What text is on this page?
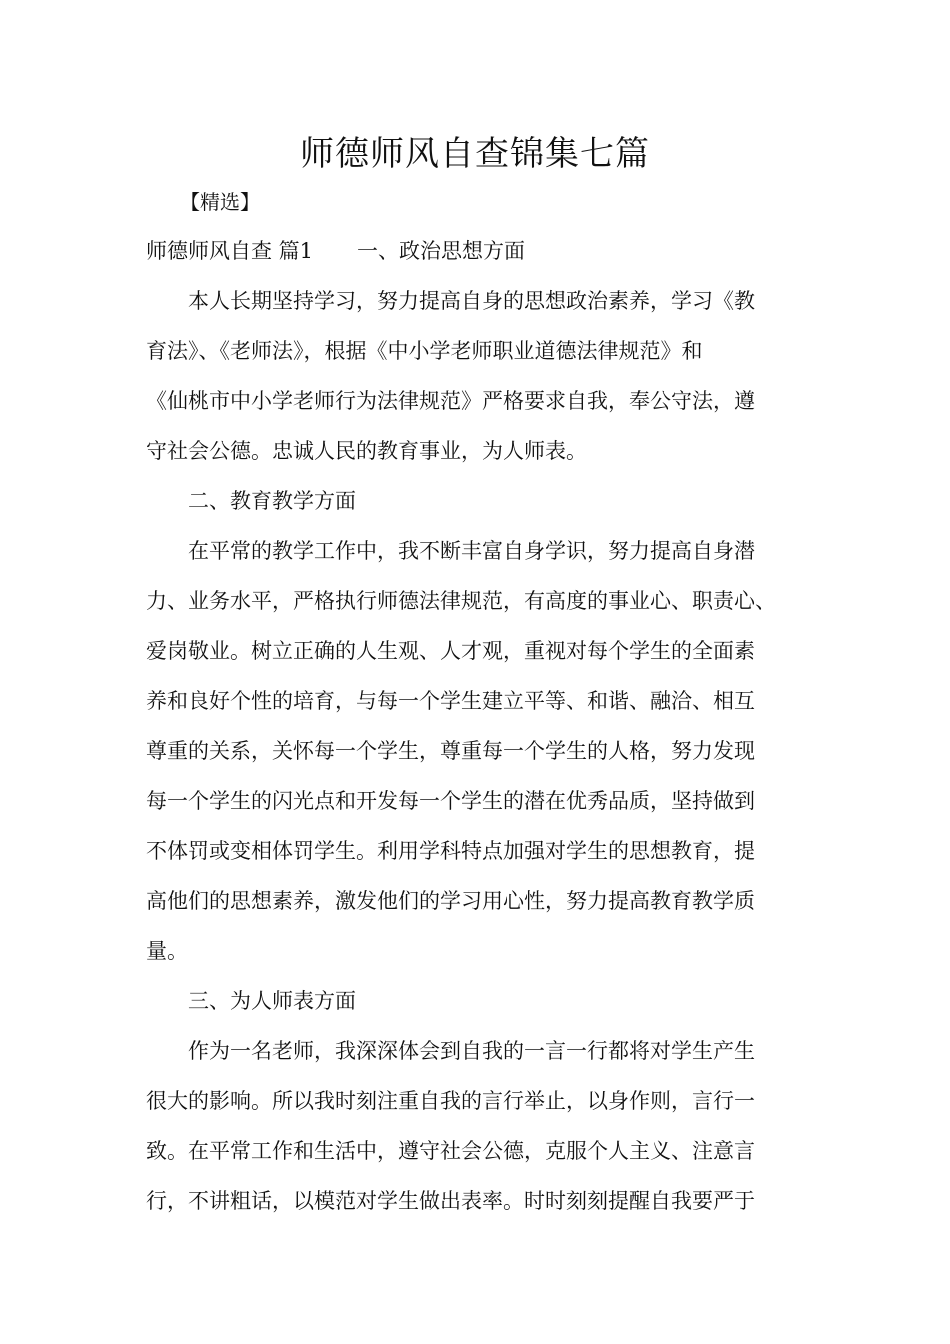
师德师风自查锦集七篇
【精选】
师德师风自查 篇1 一、政治思想方面
本人长期坚持学习，努力提高自身的思想政治素养，学习《教
育法》、《老师法》，根据《中小学老师职业道德法律规范》和
《仙桃市中小学老师行为法律规范》严格要求自我，奉公守法，遵
守社会公德。忠诚人民的教育事业，为人师表。
二、教育教学方面
在平常的教学工作中，我不断丰富自身学识，努力提高自身潜
力、业务水平，严格执行师德法律规范，有高度的事业心、职责心、
爱岗敬业。树立正确的人生观、人才观，重视对每个学生的全面素
养和良好个性的培育，与每一个学生建立平等、和谐、融洽、相互
尊重的关系，关怀每一个学生，尊重每一个学生的人格，努力发现
每一个学生的闪光点和开发每一个学生的潜在优秀品质，坚持做到
不体罚或变相体罚学生。利用学科特点加强对学生的思想教育，提
高他们的思想素养，激发他们的学习用心性，努力提高教育教学质
量。
三、为人师表方面
作为一名老师，我深深体会到自我的一言一行都将对学生产生
很大的影响。所以我时刻注重自我的言行举止，以身作则，言行一
致。在平常工作和生活中，遵守社会公德，克服个人主义、注意言
行，不讲粗话，以模范对学生做出表率。时时刻刻提醒自我要严于
